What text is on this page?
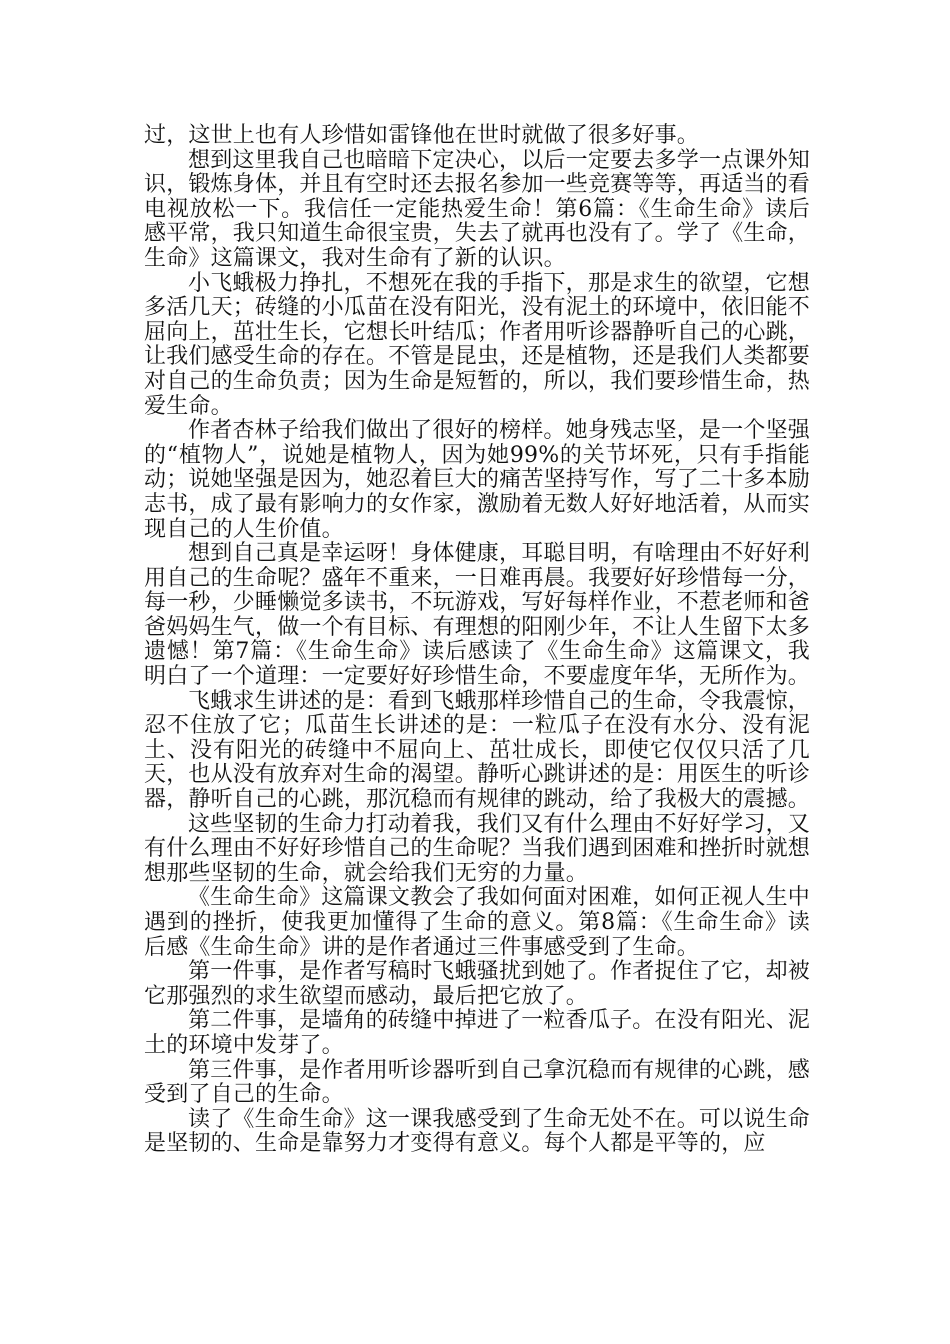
过，这世上也有人珍惜如雷锋他在世时就做了很多好事。

想到这里我自己也暗暗下定决心，以后一定要去多学一点课外知识，锻炼身体，并且有空时还去报名参加一些竞赛等等，再适当的看电视放松一下。我信任一定能热爱生命！第6篇：《生命生命》读后感平常，我只知道生命很宝贵，失去了就再也没有了。学了《生命，生命》这篇课文，我对生命有了新的认识。

小飞蛾极力挣扎，不想死在我的手指下，那是求生的欲望，它想多活几天；砖缝的小瓜苗在没有阳光，没有泥土的环境中，依旧能不屈向上，茁壮生长，它想长叶结瓜；作者用听诊器静听自己的心跳，让我们感受生命的存在。不管是昆虫，还是植物，还是我们人类都要对自己的生命负责；因为生命是短暂的，所以，我们要珍惜生命，热爱生命。

作者杏林子给我们做出了很好的榜样。她身残志坚，是一个坚强的“植物人”，说她是植物人，因为她99%的关节坏死，只有手指能动；说她坚强是因为，她忍着巨大的痛苦坚持写作，写了二十多本励志书，成了最有影响力的女作家，激励着无数人好好地活着，从而实现自己的人生价值。

想到自己真是幸运呀！身体健康，耳聪目明，有啥理由不好好利用自己的生命呢？盛年不重来，一日难再晨。我要好好珍惜每一分，每一秒，少睡懒觉多读书，不玩游戏，写好每样作业，不惹老师和爸爸妈妈生气，做一个有目标、有理想的阳刚少年，不让人生留下太多遗憾！第7篇：《生命生命》读后感读了《生命生命》这篇课文，我明白了一个道理：一定要好好珍惜生命，不要虚度年华，无所作为。

飞蛾求生讲述的是：看到飞蛾那样珍惜自己的生命，令我震惊，忍不住放了它；瓜苗生长讲述的是：一粒瓜子在没有水分、没有泥土、没有阳光的砖缝中不屈向上、茁壮成长，即使它仅仅只活了几天，也从没有放弃对生命的渴望。静听心跳讲述的是：用医生的听诊器，静听自己的心跳，那沉稳而有规律的跳动，给了我极大的震撼。

这些坚韧的生命力打动着我，我们又有什么理由不好好学习，又有什么理由不好好珍惜自己的生命呢？当我们遇到困难和挫折时就想想那些坚韧的生命，就会给我们无穷的力量。

《生命生命》这篇课文教会了我如何面对困难，如何正视人生中遇到的挫折，使我更加懂得了生命的意义。第8篇：《生命生命》读后感《生命生命》讲的是作者通过三件事感受到了生命。

第一件事，是作者写稿时飞蛾骚扰到她了。作者捉住了它，却被它那强烈的求生欲望而感动，最后把它放了。

第二件事，是墙角的砖缝中掉进了一粒香瓜子。在没有阳光、泥土的环境中发芽了。

第三件事，是作者用听诊器听到自己拿沉稳而有规律的心跳，感受到了自己的生命。

读了《生命生命》这一课我感受到了生命无处不在。可以说生命是坚韧的、生命是靠努力才变得有意义。每个人都是平等的，应
